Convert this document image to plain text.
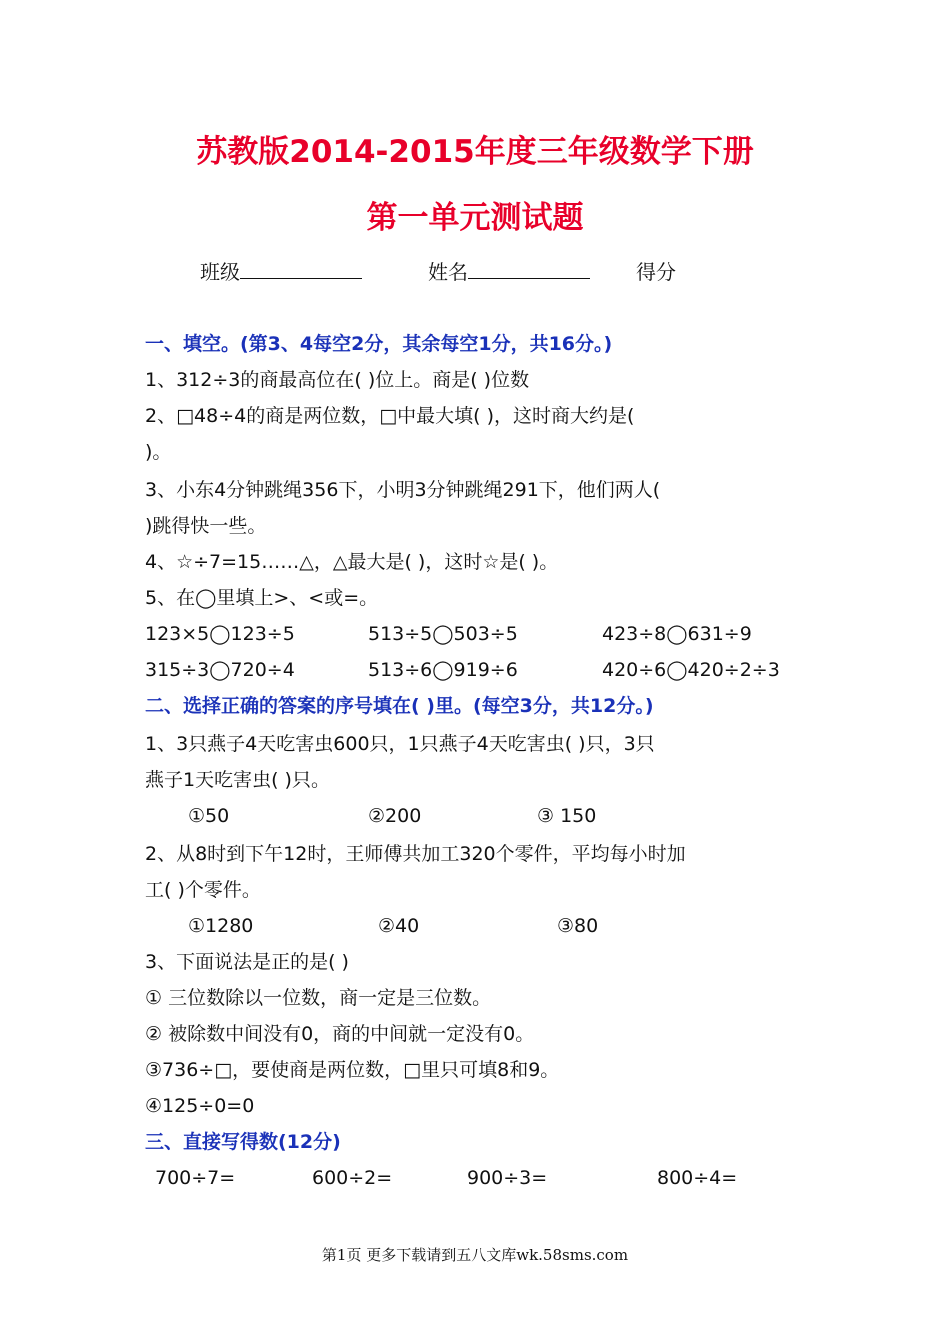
苏教版2014-2015年度三年级数学下册
第一单元测试题
班级	姓名	得分
一、填空。(第3、4每空2分，其余每空1分，共16分。)
1、312÷3的商最高位在( )位上。商是( )位数
2、□48÷4的商是两位数，□中最大填( )，这时商大约是(
)。
3、小东4分钟跳绳356下，小明3分钟跳绳291下，他们两人(
)跳得快一些。
4、☆÷7=15……△，△最大是( )，这时☆是( )。
5、在◯里填上>、<或=。
123×5◯123÷5	513÷5◯503÷5	423÷8◯631÷9
315÷3◯720÷4	513÷6◯919÷6	420÷6◯420÷2÷3
二、选择正确的答案的序号填在( )里。(每空3分，共12分。)
1、3只燕子4天吃害虫600只，1只燕子4天吃害虫( )只，3只
燕子1天吃害虫( )只。
①50	②200	③ 150
2、从8时到下午12时，王师傅共加工320个零件，平均每小时加
工( )个零件。
①1280	②40	③80
3、下面说法是正的是( )
① 三位数除以一位数，商一定是三位数。
② 被除数中间没有0，商的中间就一定没有0。
③736÷□，要使商是两位数，□里只可填8和9。
④125÷0=0
三、直接写得数(12分)
700÷7=	600÷2=	900÷3=	800÷4=
第1页 更多下载请到五八文库wk.58sms.com
